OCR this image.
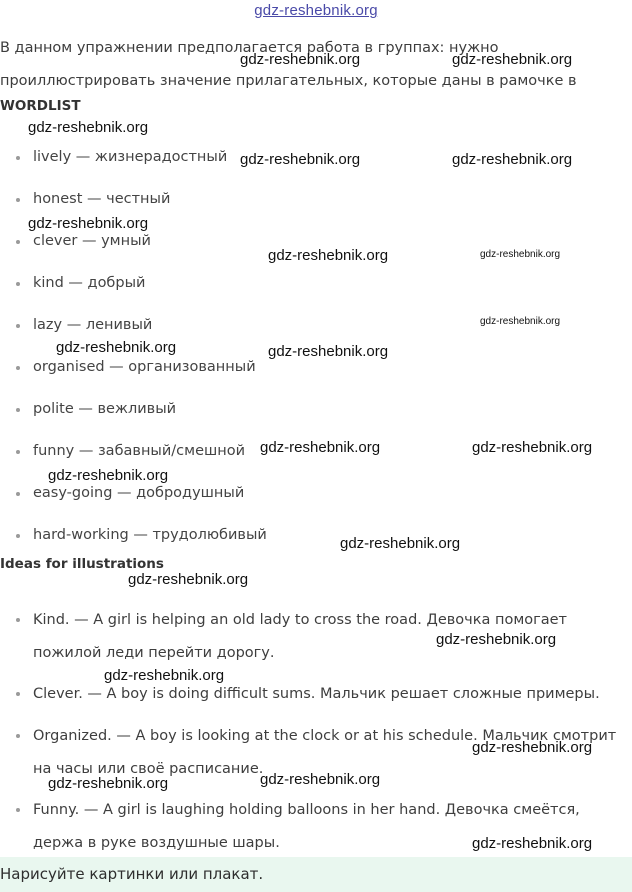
gdz-reshebnik.org
В данном упражнении предполагается работа в группах: нужно проиллюстрировать значение прилагательных, которые даны в рамочке в
WORDLIST
lively — жизнерадостный
honest — честный
clever — умный
kind — добрый
lazy — ленивый
organised — организованный
polite — вежливый
funny — забавный/смешной
easy-going — добродушный
hard-working — трудолюбивый
Ideas for illustrations
Kind. — A girl is helping an old lady to cross the road. Девочка помогает пожилой леди перейти дорогу.
Clever. — A boy is doing difficult sums. Мальчик решает сложные примеры.
Organized. — A boy is looking at the clock or at his schedule. Мальчик смотрит на часы или своё расписание.
Funny. — A girl is laughing holding balloons in her hand. Девочка смеётся, держа в руке воздушные шары.
Нарисуйте картинки или плакат.
gdz-reshebnik.org	gdz-reshebnik.org
gdz-reshebnik.org
gdz-reshebnik.org	gdz-reshebnik.org
gdz-reshebnik.org
gdz-reshebnik.org	gdz-reshebnik.org
gdz-reshebnik.org
gdz-reshebnik.org	gdz-reshebnik.org
gdz-reshebnik.org	gdz-reshebnik.org
gdz-reshebnik.org
gdz-reshebnik.org
gdz-reshebnik.org
gdz-reshebnik.org
gdz-reshebnik.org
gdz-reshebnik.org
gdz-reshebnik.org	gdz-reshebnik.org
gdz-reshebnik.org
